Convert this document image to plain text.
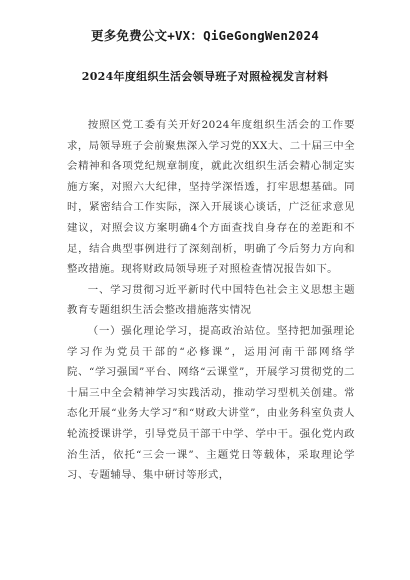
更多免费公文+VX：QiGeGongWen2024
2024年度组织生活会领导班子对照检视发言材料

按照区党工委有关开好2024年度组织生活会的工作要求，局领导班子会前聚焦深入学习党的XX大、二十届三中全会精神和各项党纪规章制度，就此次组织生活会精心制定实施方案，对照六大纪律，坚持学深悟透，打牢思想基础。同时，紧密结合工作实际，深入开展谈心谈话，广泛征求意见建议，对照会议方案明确4个方面查找自身存在的差距和不足，结合典型事例进行了深刻剖析，明确了今后努力方向和整改措施。现将财政局领导班子对照检查情况报告如下。

一、学习贯彻习近平新时代中国特色社会主义思想主题教育专题组织生活会整改措施落实情况

（一）强化理论学习，提高政治站位。坚持把加强理论学习作为党员干部的“必修课”，运用河南干部网络学院、“学习强国”平台、网络“云课堂”，开展学习贯彻党的二十届三中全会精神学习实践活动，推动学习型机关创建。常态化开展“业务大学习”和“财政大讲堂”，由业务科室负责人轮流授课讲学，引导党员干部干中学、学中干。强化党内政治生活，依托“三会一课”、主题党日等载体，采取理论学习、专题辅导、集中研讨等形式，
